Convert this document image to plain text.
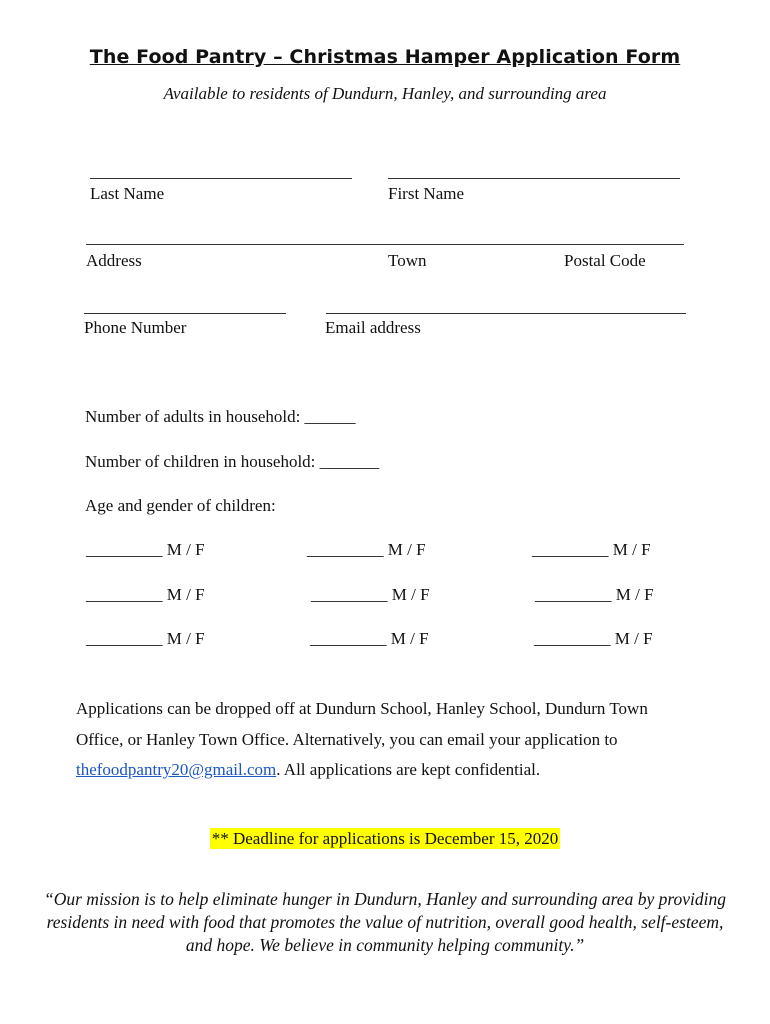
The Food Pantry – Christmas Hamper Application Form
Available to residents of Dundurn, Hanley, and surrounding area
Last Name	First Name
Address	Town	Postal Code
Phone Number	Email address
Number of adults in household: ______
Number of children in household: _______
Age and gender of children:
_________ M / F	_________ M / F	_________ M / F
_________ M / F	_________ M / F	_________ M / F
_________ M / F	_________ M / F	_________ M / F
Applications can be dropped off at Dundurn School, Hanley School, Dundurn Town Office, or Hanley Town Office. Alternatively, you can email your application to thefoodpantry20@gmail.com. All applications are kept confidential.
** Deadline for applications is December 15, 2020
“Our mission is to help eliminate hunger in Dundurn, Hanley and surrounding area by providing residents in need with food that promotes the value of nutrition, overall good health, self-esteem, and hope. We believe in community helping community.”
